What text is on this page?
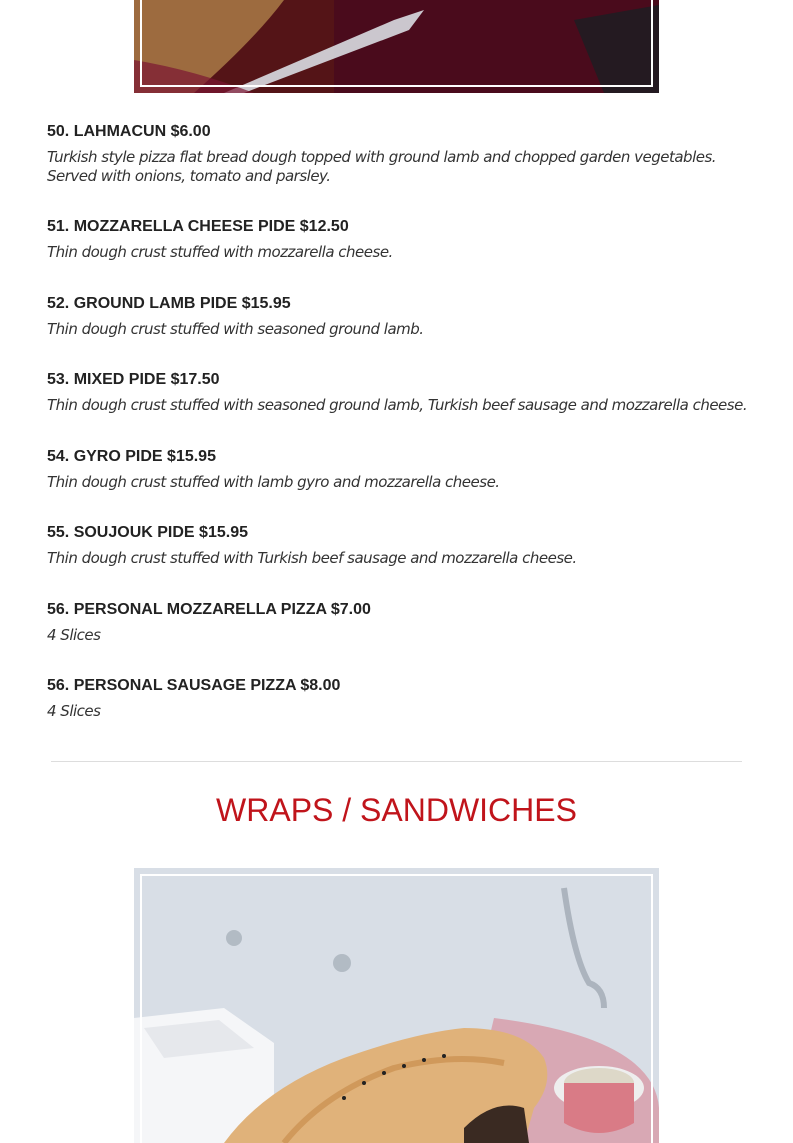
50. LAHMACUN $6.00
Turkish style pizza flat bread dough topped with ground lamb and chopped garden vegetables. Served with onions, tomato and parsley.
51. MOZZARELLA CHEESE PIDE $12.50
Thin dough crust stuffed with mozzarella cheese.
52. GROUND LAMB PIDE $15.95
Thin dough crust stuffed with seasoned ground lamb.
53. MIXED PIDE $17.50
Thin dough crust stuffed with seasoned ground lamb, Turkish beef sausage and mozzarella cheese.
54. GYRO PIDE $15.95
Thin dough crust stuffed with lamb gyro and mozzarella cheese.
55. SOUJOUK PIDE $15.95
Thin dough crust stuffed with Turkish beef sausage and mozzarella cheese.
56. PERSONAL MOZZARELLA PIZZA $7.00
4 Slices
56. PERSONAL SAUSAGE PIZZA $8.00
4 Slices
WRAPS / SANDWICHES
